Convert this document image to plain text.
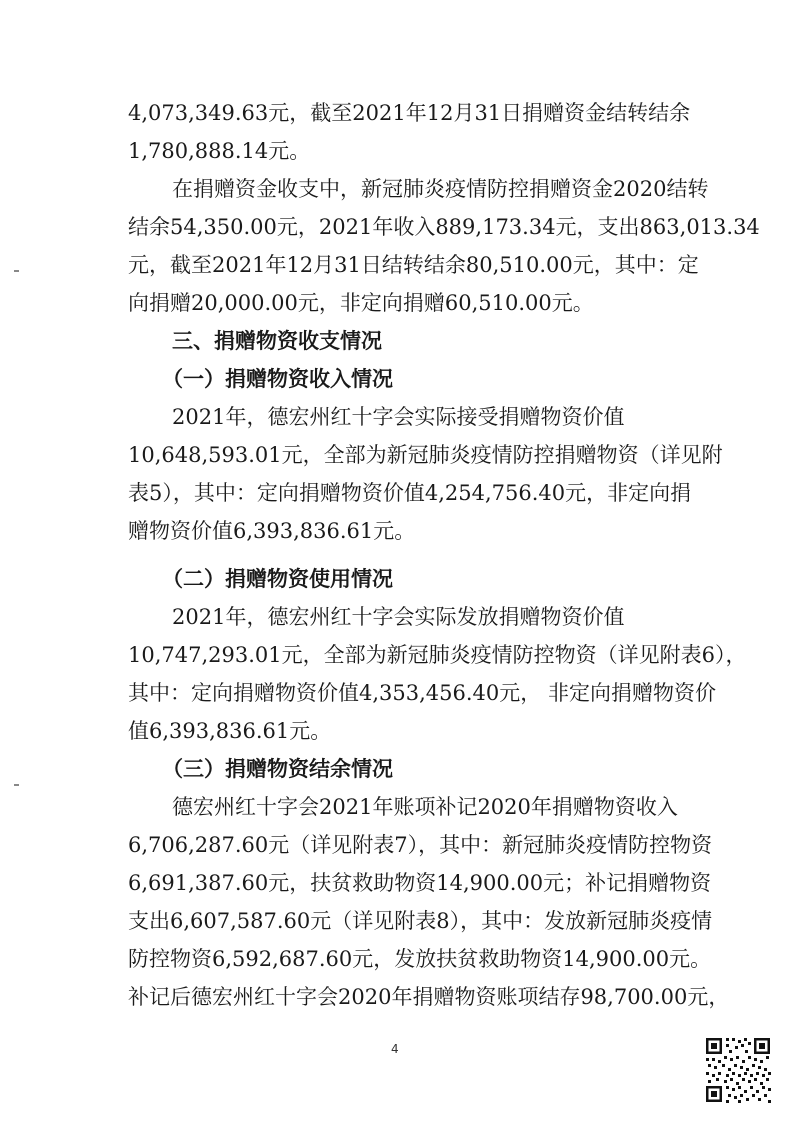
4,073,349.63元，截至2021年12月31日捐赠资金结转结余
1,780,888.14元。
在捐赠资金收支中，新冠肺炎疫情防控捐赠资金2020结转
结余54,350.00元，2021年收入889,173.34元，支出863,013.34
元，截至2021年12月31日结转结余80,510.00元，其中：定
向捐赠20,000.00元，非定向捐赠60,510.00元。
三、捐赠物资收支情况
（一）捐赠物资收入情况
2021年，德宏州红十字会实际接受捐赠物资价值
10,648,593.01元，全部为新冠肺炎疫情防控捐赠物资（详见附
表5），其中：定向捐赠物资价值4,254,756.40元，非定向捐
赠物资价值6,393,836.61元。
（二）捐赠物资使用情况
2021年，德宏州红十字会实际发放捐赠物资价值
10,747,293.01元，全部为新冠肺炎疫情防控物资（详见附表6），
其中：定向捐赠物资价值4,353,456.40元， 非定向捐赠物资价
值6,393,836.61元。
（三）捐赠物资结余情况
德宏州红十字会2021年账项补记2020年捐赠物资收入
6,706,287.60元（详见附表7），其中：新冠肺炎疫情防控物资
6,691,387.60元，扶贫救助物资14,900.00元；补记捐赠物资
支出6,607,587.60元（详见附表8），其中：发放新冠肺炎疫情
防控物资6,592,687.60元，发放扶贫救助物资14,900.00元。
补记后德宏州红十字会2020年捐赠物资账项结存98,700.00元，
4
